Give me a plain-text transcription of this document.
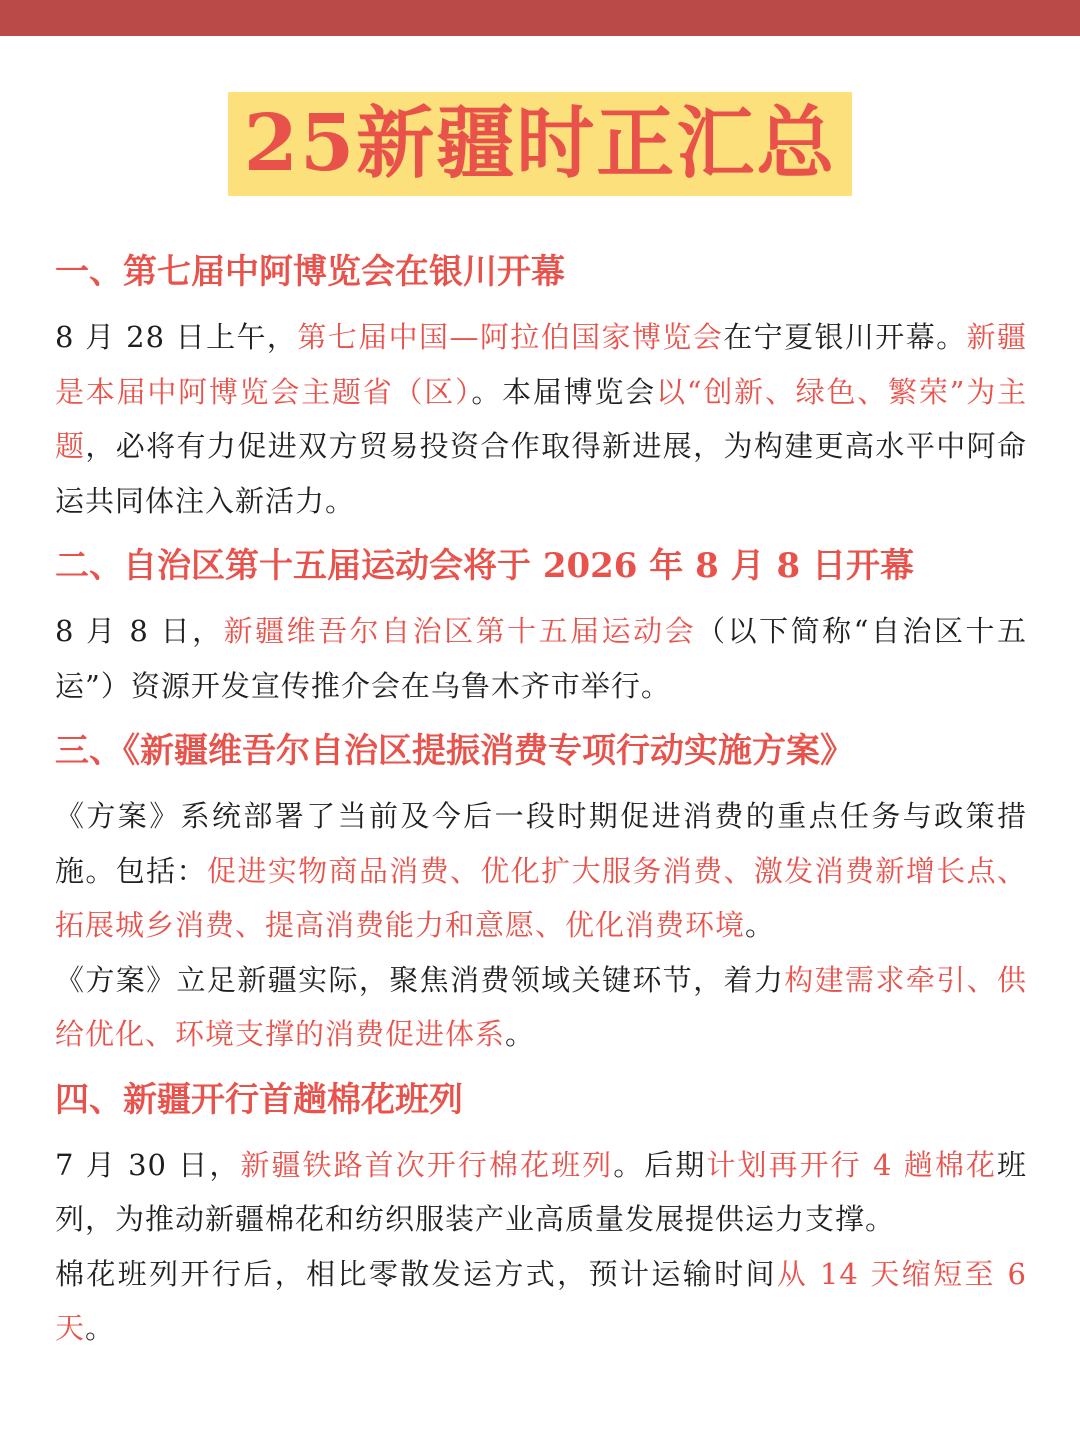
25新疆时正汇总
一、第七届中阿博览会在银川开幕

8 月 28 日上午，第七届中国—阿拉伯国家博览会在宁夏银川开幕。新疆是本届中阿博览会主题省（区）。本届博览会以“创新、绿色、繁荣”为主题，必将有力促进双方贸易投资合作取得新进展，为构建更高水平中阿命运共同体注入新活力。

二、自治区第十五届运动会将于 2026 年 8 月 8 日开幕

8 月 8 日，新疆维吾尔自治区第十五届运动会（以下简称“自治区十五运”）资源开发宣传推介会在乌鲁木齐市举行。

三、《新疆维吾尔自治区提振消费专项行动实施方案》

《方案》系统部署了当前及今后一段时期促进消费的重点任务与政策措施。包括：促进实物商品消费、优化扩大服务消费、激发消费新增长点、拓展城乡消费、提高消费能力和意愿、优化消费环境。

《方案》立足新疆实际，聚焦消费领域关键环节，着力构建需求牵引、供给优化、环境支撑的消费促进体系。

四、新疆开行首趟棉花班列

7 月 30 日，新疆铁路首次开行棉花班列。后期计划再开行 4 趟棉花班列，为推动新疆棉花和纺织服装产业高质量发展提供运力支撑。

棉花班列开行后，相比零散发运方式，预计运输时间从 14 天缩短至 6 天。
